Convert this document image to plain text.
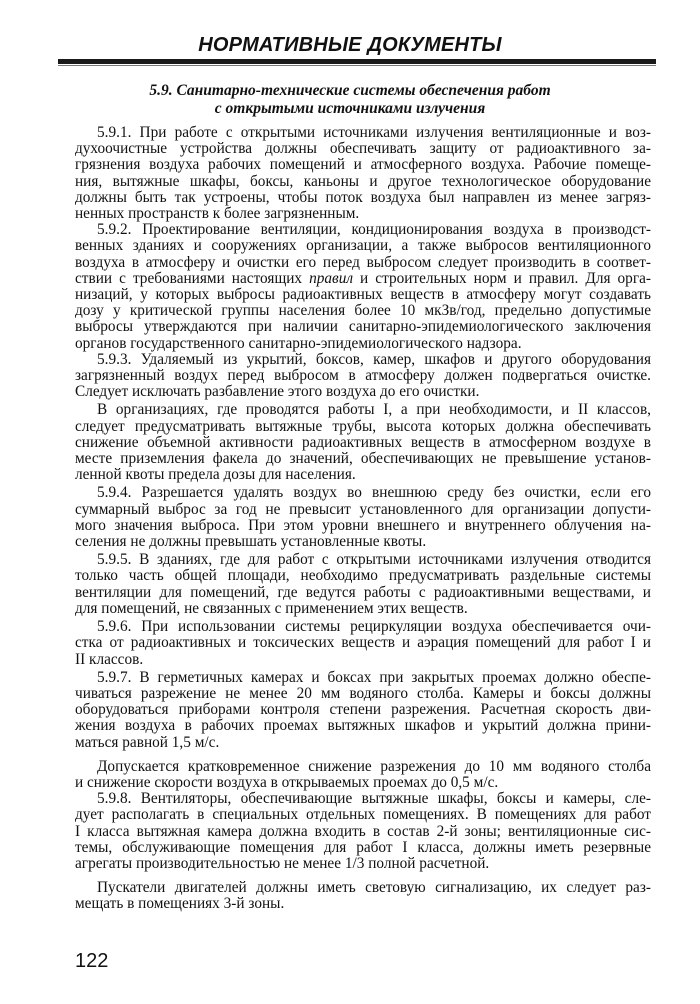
НОРМАТИВНЫЕ ДОКУМЕНТЫ
5.9. Санитарно-технические системы обеспечения работ
с открытыми источниками излучения
5.9.1. При работе с открытыми источниками излучения вентиляционные и воз-
духоочистные устройства должны обеспечивать защиту от радиоактивного за-
грязнения воздуха рабочих помещений и атмосферного воздуха. Рабочие помеще-
ния, вытяжные шкафы, боксы, каньоны и другое технологическое оборудование
должны быть так устроены, чтобы поток воздуха был направлен из менее загряз-
ненных пространств к более загрязненным.
5.9.2. Проектирование вентиляции, кондиционирования воздуха в производст-
венных зданиях и сооружениях организации, а также выбросов вентиляционного
воздуха в атмосферу и очистки его перед выбросом следует производить в соответ-
ствии с требованиями настоящих правил и строительных норм и правил. Для орга-
низаций, у которых выбросы радиоактивных веществ в атмосферу могут создавать
дозу у критической группы населения более 10 мкЗв/год, предельно допустимые
выбросы утверждаются при наличии санитарно-эпидемиологического заключения
органов государственного санитарно-эпидемиологического надзора.
5.9.3. Удаляемый из укрытий, боксов, камер, шкафов и другого оборудования
загрязненный воздух перед выбросом в атмосферу должен подвергаться очистке.
Следует исключать разбавление этого воздуха до его очистки.
В организациях, где проводятся работы I, а при необходимости, и II классов,
следует предусматривать вытяжные трубы, высота которых должна обеспечивать
снижение объемной активности радиоактивных веществ в атмосферном воздухе в
месте приземления факела до значений, обеспечивающих не превышение установ-
ленной квоты предела дозы для населения.
5.9.4. Разрешается удалять воздух во внешнюю среду без очистки, если его
суммарный выброс за год не превысит установленного для организации допусти-
мого значения выброса. При этом уровни внешнего и внутреннего облучения на-
селения не должны превышать установленные квоты.
5.9.5. В зданиях, где для работ с открытыми источниками излучения отводится
только часть общей площади, необходимо предусматривать раздельные системы
вентиляции для помещений, где ведутся работы с радиоактивными веществами, и
для помещений, не связанных с применением этих веществ.
5.9.6. При использовании системы рециркуляции воздуха обеспечивается очи-
стка от радиоактивных и токсических веществ и аэрация помещений для работ I и
II классов.
5.9.7. В герметичных камерах и боксах при закрытых проемах должно обеспе-
чиваться разрежение не менее 20 мм водяного столба. Камеры и боксы должны
оборудоваться приборами контроля степени разрежения. Расчетная скорость дви-
жения воздуха в рабочих проемах вытяжных шкафов и укрытий должна прини-
маться равной 1,5 м/с.
Допускается кратковременное снижение разрежения до 10 мм водяного столба
и снижение скорости воздуха в открываемых проемах до 0,5 м/с.
5.9.8. Вентиляторы, обеспечивающие вытяжные шкафы, боксы и камеры, сле-
дует располагать в специальных отдельных помещениях. В помещениях для работ
I класса вытяжная камера должна входить в состав 2-й зоны; вентиляционные сис-
темы, обслуживающие помещения для работ I класса, должны иметь резервные
агрегаты производительностью не менее 1/3 полной расчетной.
Пускатели двигателей должны иметь световую сигнализацию, их следует раз-
мещать в помещениях 3-й зоны.
122
